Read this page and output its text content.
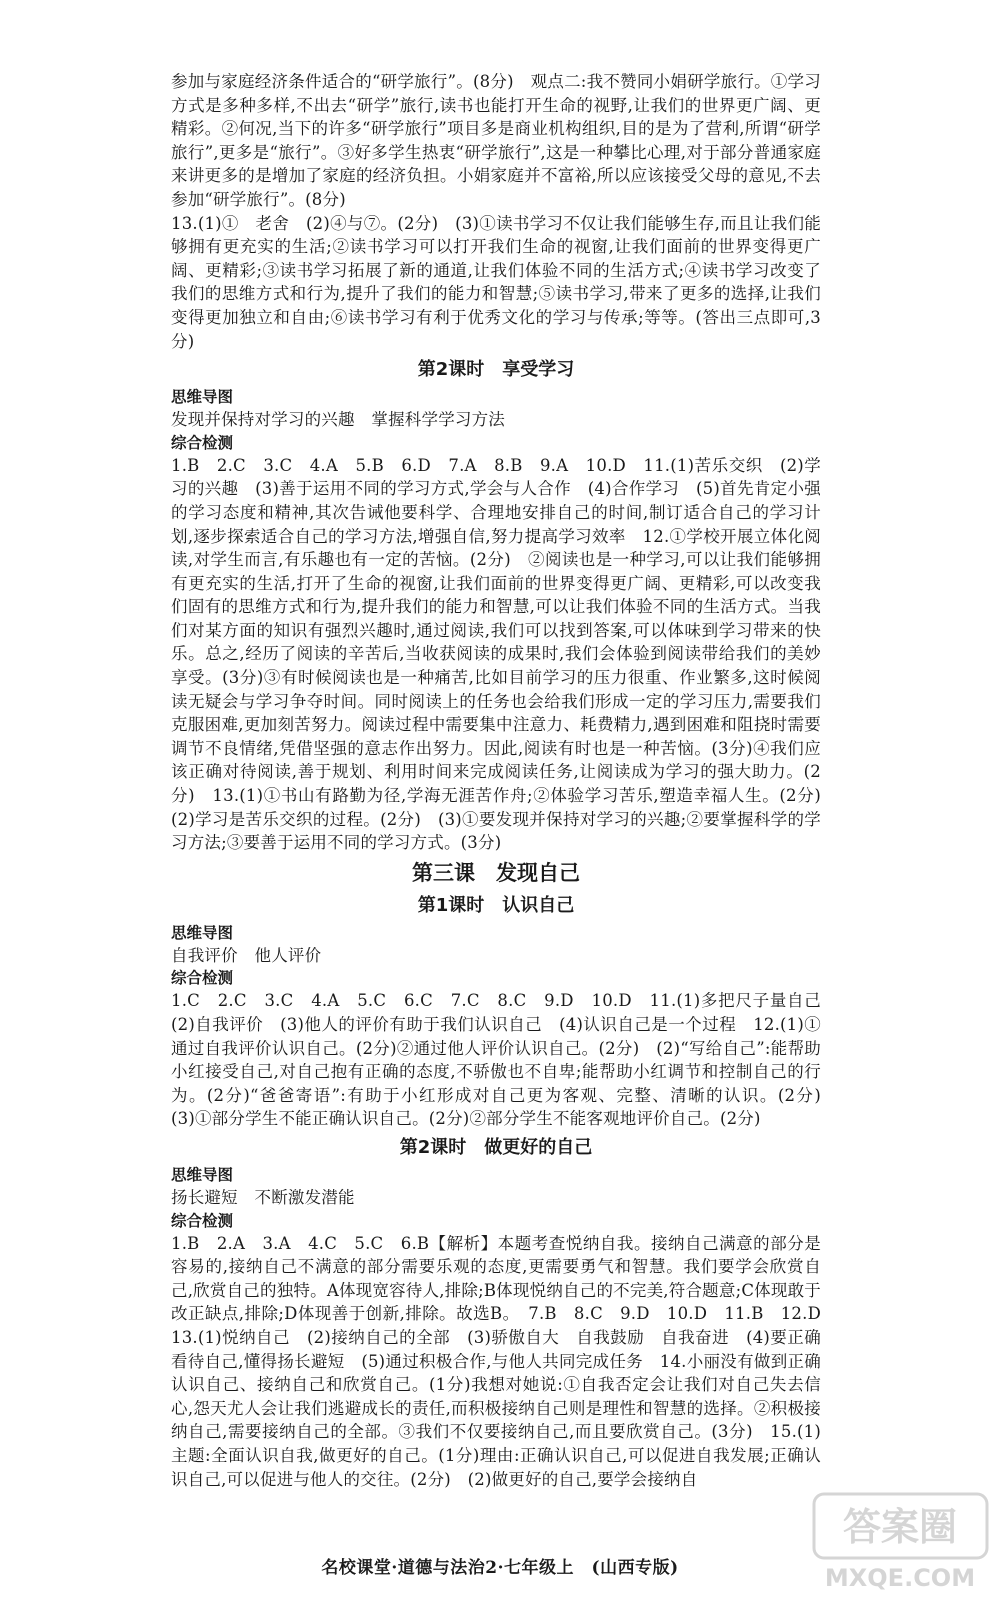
参加与家庭经济条件适合的“研学旅行”。(8分)　观点二:我不赞同小娟研学旅行。①学习方式是多种多样,不出去“研学”旅行,读书也能打开生命的视野,让我们的世界更广阔、更精彩。②何况,当下的许多“研学旅行”项目多是商业机构组织,目的是为了营利,所谓“研学旅行”,更多是“旅行”。③好多学生热衷“研学旅行”,这是一种攀比心理,对于部分普通家庭来讲更多的是增加了家庭的经济负担。小娟家庭并不富裕,所以应该接受父母的意见,不去参加“研学旅行”。(8分)

13.(1)①　老舍　(2)④与⑦。(2分)　(3)①读书学习不仅让我们能够生存,而且让我们能够拥有更充实的生活;②读书学习可以打开我们生命的视窗,让我们面前的世界变得更广阔、更精彩;③读书学习拓展了新的通道,让我们体验不同的生活方式;④读书学习改变了我们的思维方式和行为,提升了我们的能力和智慧;⑤读书学习,带来了更多的选择,让我们变得更加独立和自由;⑥读书学习有利于优秀文化的学习与传承;等等。(答出三点即可,3分)

第2课时　享受学习
思维导图

发现并保持对学习的兴趣　掌握科学学习方法

综合检测

1.B　2.C　3.C　4.A　5.B　6.D　7.A　8.B　9.A　10.D　11.(1)苦乐交织　(2)学习的兴趣　(3)善于运用不同的学习方式,学会与人合作　(4)合作学习　(5)首先肯定小强的学习态度和精神,其次告诫他要科学、合理地安排自己的时间,制订适合自己的学习计划,逐步探索适合自己的学习方法,增强自信,努力提高学习效率　12.①学校开展立体化阅读,对学生而言,有乐趣也有一定的苦恼。(2分)　②阅读也是一种学习,可以让我们能够拥有更充实的生活,打开了生命的视窗,让我们面前的世界变得更广阔、更精彩,可以改变我们固有的思维方式和行为,提升我们的能力和智慧,可以让我们体验不同的生活方式。当我们对某方面的知识有强烈兴趣时,通过阅读,我们可以找到答案,可以体味到学习带来的快乐。总之,经历了阅读的辛苦后,当收获阅读的成果时,我们会体验到阅读带给我们的美妙享受。(3分)③有时候阅读也是一种痛苦,比如目前学习的压力很重、作业繁多,这时候阅读无疑会与学习争夺时间。同时阅读上的任务也会给我们形成一定的学习压力,需要我们克服困难,更加刻苦努力。阅读过程中需要集中注意力、耗费精力,遇到困难和阻挠时需要调节不良情绪,凭借坚强的意志作出努力。因此,阅读有时也是一种苦恼。(3分)④我们应该正确对待阅读,善于规划、利用时间来完成阅读任务,让阅读成为学习的强大助力。(2分)　13.(1)①书山有路勤为径,学海无涯苦作舟;②体验学习苦乐,塑造幸福人生。(2分)　(2)学习是苦乐交织的过程。(2分)　(3)①要发现并保持对学习的兴趣;②要掌握科学的学习方法;③要善于运用不同的学习方式。(3分)

第三课　发现自己
第1课时　认识自己
思维导图

自我评价　他人评价

综合检测

1.C　2.C　3.C　4.A　5.C　6.C　7.C　8.C　9.D　10.D　11.(1)多把尺子量自己　(2)自我评价　(3)他人的评价有助于我们认识自己　(4)认识自己是一个过程　12.(1)①通过自我评价认识自己。(2分)②通过他人评价认识自己。(2分)　(2)“写给自己”:能帮助小红接受自己,对自己抱有正确的态度,不骄傲也不自卑;能帮助小红调节和控制自己的行为。(2分)“爸爸寄语”:有助于小红形成对自己更为客观、完整、清晰的认识。(2分)　(3)①部分学生不能正确认识自己。(2分)②部分学生不能客观地评价自己。(2分)

第2课时　做更好的自己
思维导图

扬长避短　不断激发潜能

综合检测

1.B　2.A　3.A　4.C　5.C　6.B【解析】本题考查悦纳自我。接纳自己满意的部分是容易的,接纳自己不满意的部分需要乐观的态度,更需要勇气和智慧。我们要学会欣赏自己,欣赏自己的独特。A体现宽容待人,排除;B体现悦纳自己的不完美,符合题意;C体现敢于改正缺点,排除;D体现善于创新,排除。故选B。　7.B　8.C　9.D　10.D　11.B　12.D　13.(1)悦纳自己　(2)接纳自己的全部　(3)骄傲自大　自我鼓励　自我奋进　(4)要正确看待自己,懂得扬长避短　(5)通过积极合作,与他人共同完成任务　14.小丽没有做到正确认识自己、接纳自己和欣赏自己。(1分)我想对她说:①自我否定会让我们对自己失去信心,怨天尤人会让我们逃避成长的责任,而积极接纳自己则是理性和智慧的选择。②积极接纳自己,需要接纳自己的全部。③我们不仅要接纳自己,而且要欣赏自己。(3分)　15.(1)主题:全面认识自我,做更好的自己。(1分)理由:正确认识自己,可以促进自我发展;正确认识自己,可以促进与他人的交往。(2分)　(2)做更好的自己,要学会接纳自

名校课堂·道德与法治2·七年级上　(山西专版)
答案圈
MXQE.COM
